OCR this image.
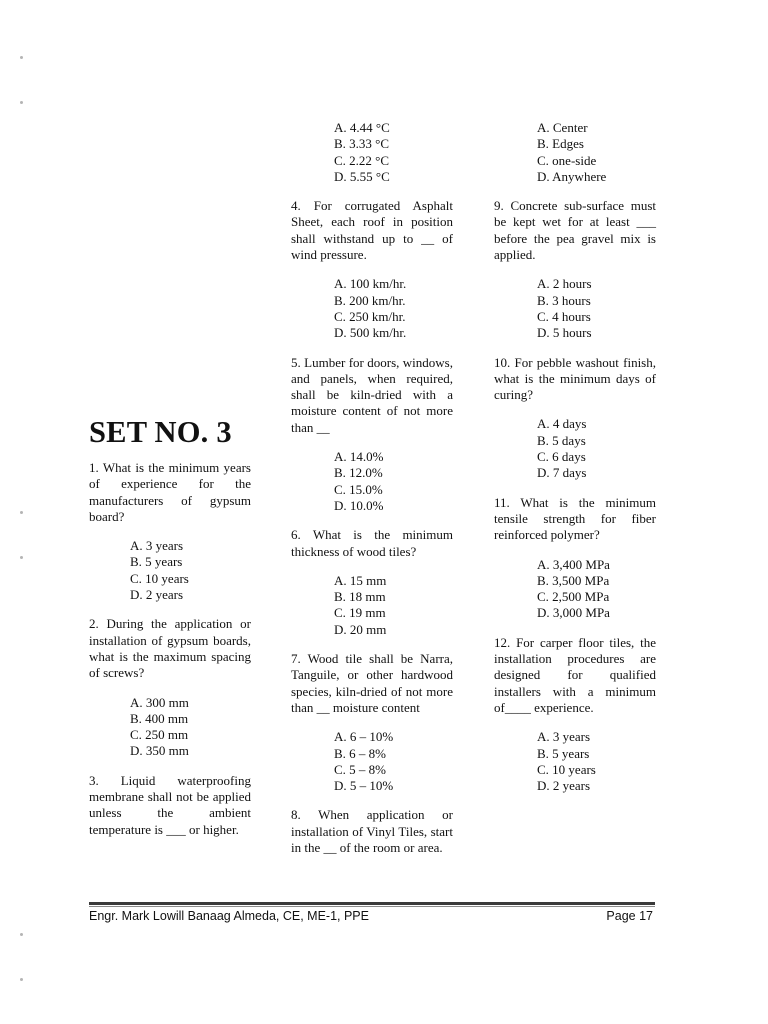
SET NO. 3
1. What is the minimum years of experience for the manufacturers of gypsum board?
A. 3 years
B. 5 years
C. 10 years
D. 2 years
2. During the application or installation of gypsum boards, what is the maximum spacing of screws?
A. 300 mm
B. 400 mm
C. 250 mm
D. 350 mm
3. Liquid waterproofing membrane shall not be applied unless the ambient temperature is ___ or higher.
A. 4.44 °C
B. 3.33 °C
C. 2.22 °C
D. 5.55 °C
4. For corrugated Asphalt Sheet, each roof in position shall withstand up to __ of wind pressure.
A. 100 km/hr.
B. 200 km/hr.
C. 250 km/hr.
D. 500 km/hr.
5. Lumber for doors, windows, and panels, when required, shall be kiln-dried with a moisture content of not more than __
A. 14.0%
B. 12.0%
C. 15.0%
D. 10.0%
6. What is the minimum thickness of wood tiles?
A. 15 mm
B. 18 mm
C. 19 mm
D. 20 mm
7. Wood tile shall be Narra, Tanguile, or other hardwood species, kiln-dried of not more than __ moisture content
A. 6 – 10%
B. 6 – 8%
C. 5 – 8%
D. 5 – 10%
8. When application or installation of Vinyl Tiles, start in the __ of the room or area.
A. Center
B. Edges
C. one-side
D. Anywhere
9. Concrete sub-surface must be kept wet for at least ___ before the pea gravel mix is applied.
A. 2 hours
B. 3 hours
C. 4 hours
D. 5 hours
10. For pebble washout finish, what is the minimum days of curing?
A. 4 days
B. 5 days
C. 6 days
D. 7 days
11. What is the minimum tensile strength for fiber reinforced polymer?
A. 3,400 MPa
B. 3,500 MPa
C. 2,500 MPa
D. 3,000 MPa
12. For carper floor tiles, the installation procedures are designed for qualified installers with a minimum of____ experience.
A. 3 years
B. 5 years
C. 10 years
D. 2 years
Engr. Mark Lowill Banaag Almeda, CE, ME-1, PPE	Page 17
